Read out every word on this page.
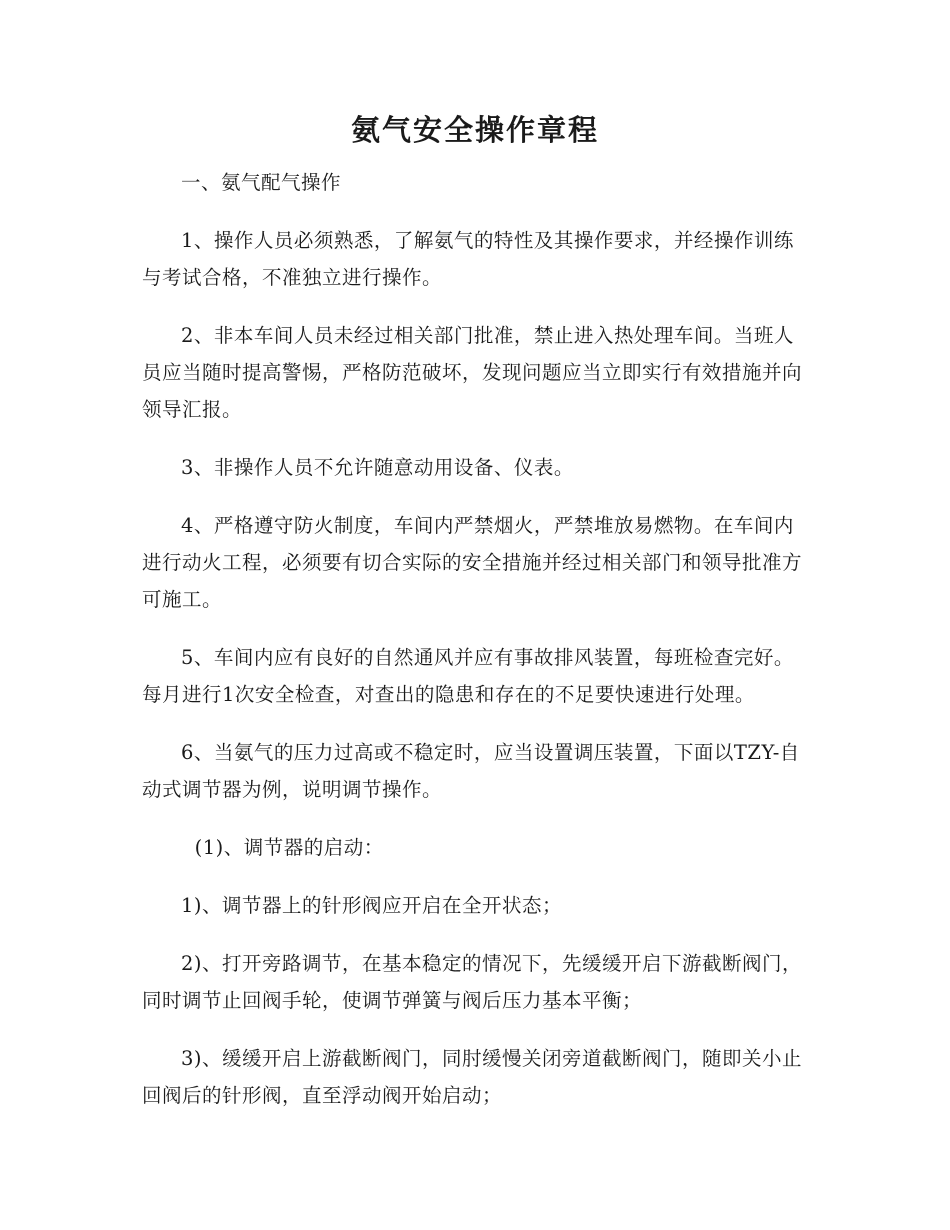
氨气安全操作章程

一、氨气配气操作

1、操作人员必须熟悉，了解氨气的特性及其操作要求，并经操作训练与考试合格，不准独立进行操作。

2、非本车间人员未经过相关部门批准，禁止进入热处理车间。当班人员应当随时提高警惕，严格防范破坏，发现问题应当立即实行有效措施并向领导汇报。

3、非操作人员不允许随意动用设备、仪表。

4、严格遵守防火制度，车间内严禁烟火，严禁堆放易燃物。在车间内进行动火工程，必须要有切合实际的安全措施并经过相关部门和领导批准方可施工。

5、车间内应有良好的自然通风并应有事故排风装置，每班检查完好。每月进行1次安全检查，对查出的隐患和存在的不足要快速进行处理。

6、当氨气的压力过高或不稳定时，应当设置调压装置，下面以TZY-自动式调节器为例，说明调节操作。

(1)、调节器的启动：

1)、调节器上的针形阀应开启在全开状态；

2)、打开旁路调节，在基本稳定的情况下，先缓缓开启下游截断阀门，同时调节止回阀手轮，使调节弹簧与阀后压力基本平衡；

3)、缓缓开启上游截断阀门，同肘缓慢关闭旁道截断阀门，随即关小止回阀后的针形阀，直至浮动阀开始启动；
